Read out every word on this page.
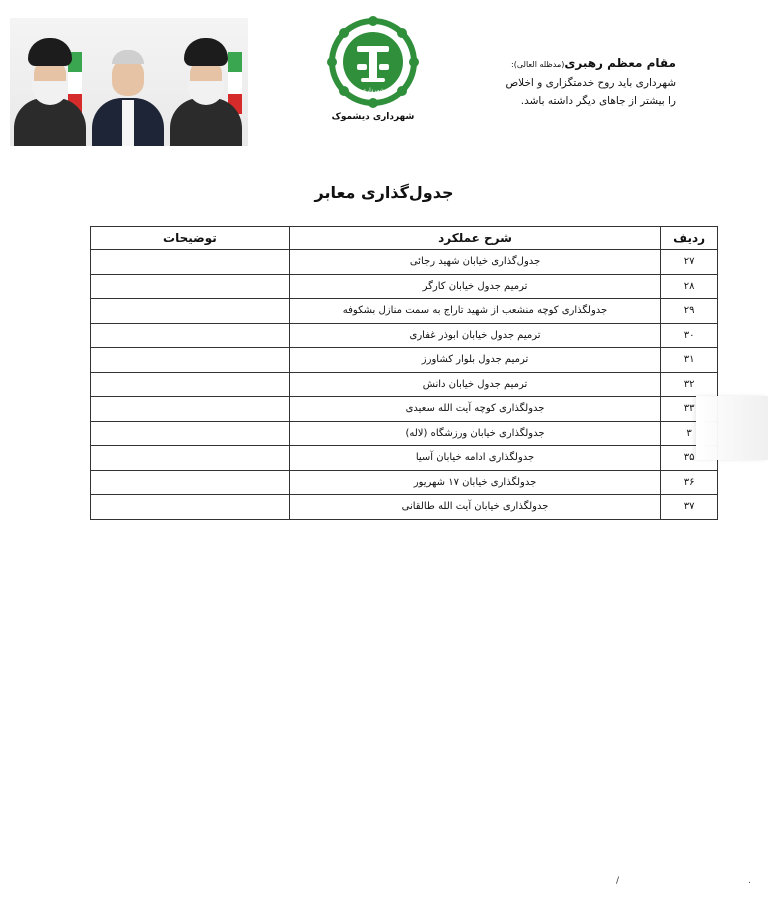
شهرداری
شهرداری دیشموک
مقام معظم رهبری(مدظله العالی):
شهرداری باید روح خدمتگزاری و اخلاص
را بیشتر از جاهای دیگر داشته باشد.
جدول‌گذاری معابر
ردیف	شرح عملکرد	توضیحات
۲۷	جدول‌گذاری خیابان شهید رجائی	
۲۸	ترمیم جدول خیابان کارگر	
۲۹	جدولگذاری کوچه منشعب از شهید تاراج به سمت منازل بشکوفه	
۳۰	ترمیم جدول خیابان ابوذر غفاری	
۳۱	ترمیم جدول بلوار کشاورز	
۳۲	ترمیم جدول خیابان دانش	
۳۳	جدولگذاری کوچه آیت الله سعیدی	
۳	جدولگذاری خیابان ورزشگاه (لاله)	
۳۵	جدولگذاری ادامه خیابان آسیا	
۳۶	جدولگذاری خیابان ۱۷ شهریور	
۳۷	جدولگذاری خیابان آیت الله طالقانی	
/	.
